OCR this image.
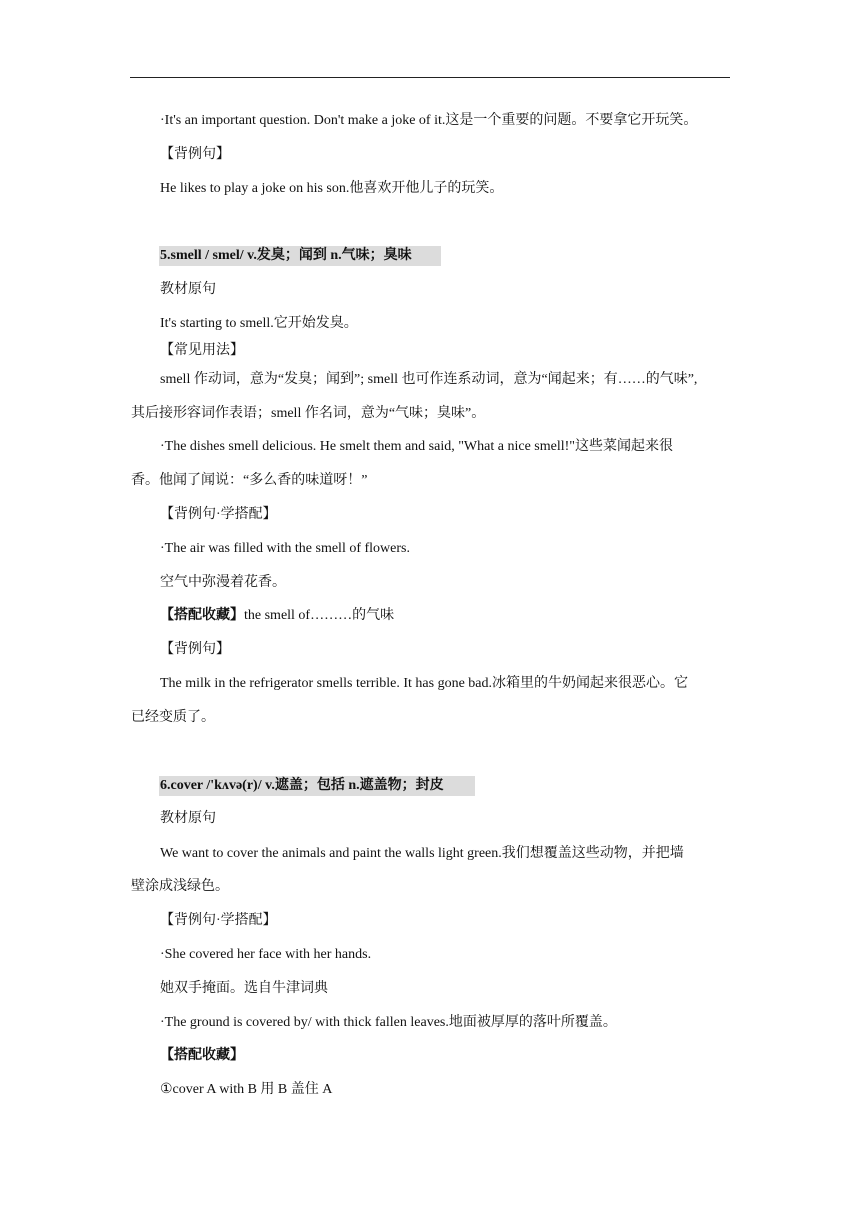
·It's an important question. Don't make a joke of it.这是一个重要的问题。不要拿它开玩笑。
【背例句】
He likes to play a joke on his son.他喜欢开他儿子的玩笑。
5.smell / smel/ v.发臭；闻到 n.气味；臭味
教材原句
It's starting to smell.它开始发臭。
【常见用法】
smell 作动词，意为“发臭；闻到”; smell 也可作连系动词，意为“闻起来；有……的气味”,
其后接形容词作表语；smell 作名词，意为“气味；臭味”。
·The dishes smell delicious. He smelt them and said, "What a nice smell!"这些菜闻起来很
香。他闻了闻说：“多么香的味道呀！”
【背例句·学搭配】
·The air was filled with the smell of flowers.
空气中弥漫着花香。
【搭配收藏】the smell of………的气味
【背例句】
The milk in the refrigerator smells terrible. It has gone bad.冰箱里的牛奶闻起来很恶心。它
已经变质了。
6.cover /'kʌvə(r)/ v.遮盖；包括 n.遮盖物；封皮
教材原句
We want to cover the animals and paint the walls light green.我们想覆盖这些动物，并把墙
壁涂成浅绿色。
【背例句·学搭配】
·She covered her face with her hands.
她双手掩面。选自牛津词典
·The ground is covered by/ with thick fallen leaves.地面被厚厚的落叶所覆盖。
【搭配收藏】
①cover A with B 用 B 盖住 A
